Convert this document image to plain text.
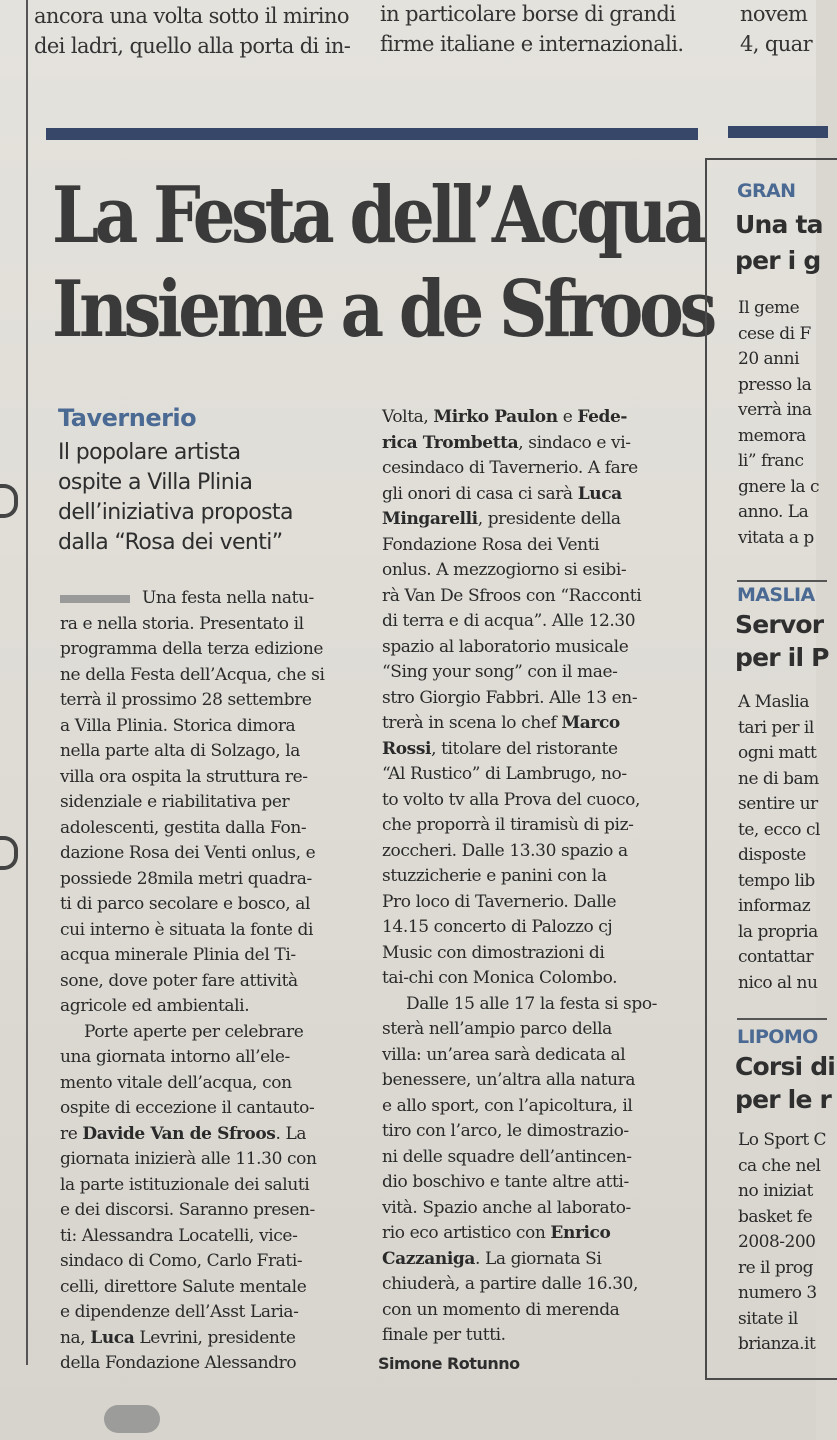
ancora una volta sotto il mirino
dei ladri, quello alla porta di in-
in particolare borse di grandi
firme italiane e internazionali.
novem
4, quar
La Festa dell’Acqua
Insieme a de Sfroos
Tavernerio
Il popolare artista
ospite a Villa Plinia
dell’iniziativa proposta
dalla “Rosa dei venti”
Una festa nella natu-
ra e nella storia. Presentato il
programma della terza edizione
ne della Festa dell’Acqua, che si
terrà il prossimo 28 settembre
a Villa Plinia. Storica dimora
nella parte alta di Solzago, la
villa ora ospita la struttura re-
sidenziale e riabilitativa per
adolescenti, gestita dalla Fon-
dazione Rosa dei Venti onlus, e
possiede 28mila metri quadra-
ti di parco secolare e bosco, al
cui interno è situata la fonte di
acqua minerale Plinia del Ti-
sone, dove poter fare attività
agricole ed ambientali.
Porte aperte per celebrare
una giornata intorno all’ele-
mento vitale dell’acqua, con
ospite di eccezione il cantauto-
re Davide Van de Sfroos. La
giornata inizierà alle 11.30 con
la parte istituzionale dei saluti
e dei discorsi. Saranno presen-
ti: Alessandra Locatelli, vice-
sindaco di Como, Carlo Frati-
celli, direttore Salute mentale
e dipendenze dell’Asst Laria-
na, Luca Levrini, presidente
della Fondazione Alessandro
Volta, Mirko Paulon e Fede-
rica Trombetta, sindaco e vi-
cesindaco di Tavernerio. A fare
gli onori di casa ci sarà Luca
Mingarelli, presidente della
Fondazione Rosa dei Venti
onlus. A mezzogiorno si esibi-
rà Van De Sfroos con “Racconti
di terra e di acqua”. Alle 12.30
spazio al laboratorio musicale
“Sing your song” con il mae-
stro Giorgio Fabbri. Alle 13 en-
trerà in scena lo chef Marco
Rossi, titolare del ristorante
“Al Rustico” di Lambrugo, no-
to volto tv alla Prova del cuoco,
che proporrà il tiramisù di piz-
zoccheri. Dalle 13.30 spazio a
stuzzicherie e panini con la
Pro loco di Tavernerio. Dalle
14.15 concerto di Palozzo cj
Music con dimostrazioni di
tai-chi con Monica Colombo.
Dalle 15 alle 17 la festa si spo-
sterà nell’ampio parco della
villa: un’area sarà dedicata al
benessere, un’altra alla natura
e allo sport, con l’apicoltura, il
tiro con l’arco, le dimostrazio-
ni delle squadre dell’antincen-
dio boschivo e tante altre atti-
vità. Spazio anche al laborato-
rio eco artistico con Enrico
Cazzaniga. La giornata Si
chiuderà, a partire dalle 16.30,
con un momento di merenda
finale per tutti.
Simone Rotunno
GRAN
Una ta
per i g
Il geme
cese di F
20 anni
presso la
verrà ina
memora
li” franc
gnere la c
anno. La
vitata a p
MASLIA
Servor
per il P
A Maslia
tari per il
ogni matt
ne di bam
sentire ur
te, ecco cl
disposte
tempo lib
informaz
la propria
contattar
nico al nu
LIPOMO
Corsi di
per le r
Lo Sport C
ca che nel
no iniziat
basket fe
2008-200
re il prog
numero 3
sitate il
brianza.it
